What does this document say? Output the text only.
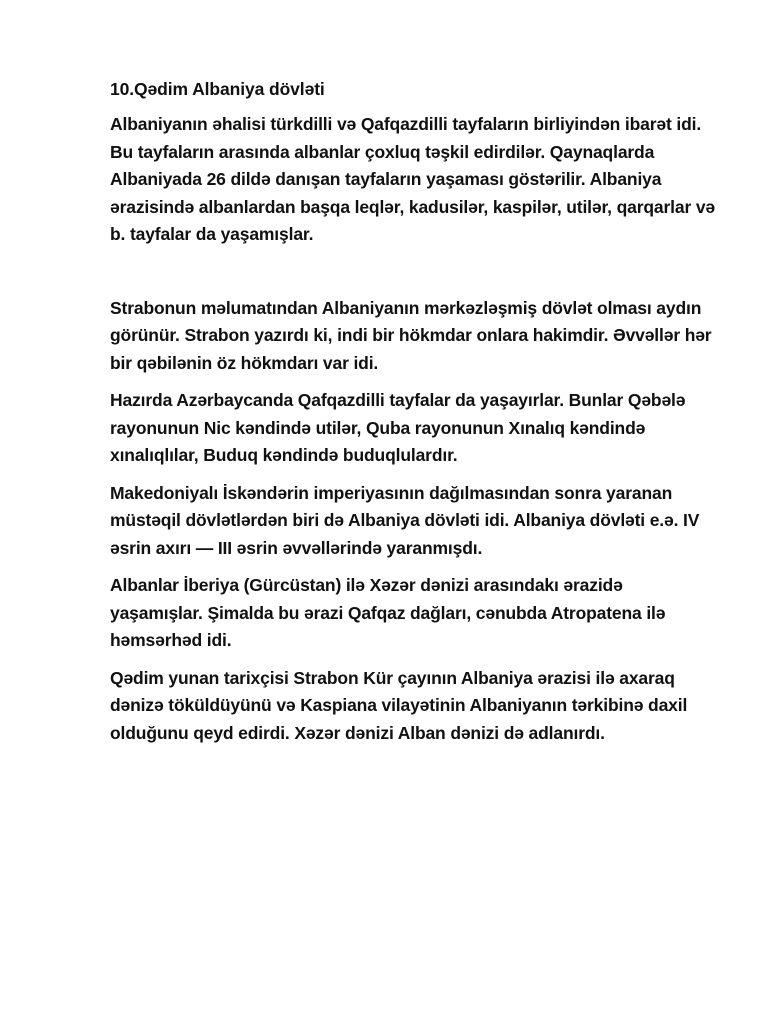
10.Qədim Albaniya dövləti

Albaniyanın əhalisi türkdilli və Qafqazdilli tayfaların birliyindən ibarət idi. Bu tayfaların arasında albanlar çoxluq təşkil edirdilər. Qaynaqlarda Albaniyada 26 dildə danışan tayfaların yaşaması göstərilir. Albaniya ərazisində albanlardan başqa leqlər, kadusilər, kaspilər, utilər, qarqarlar və b. tayfalar da yaşamışlar.

Strabonun məlumatından Albaniyanın mərkəzləşmiş dövlət olması aydın görünür. Strabon yazırdı ki, indi bir hökmdar onlara hakimdir. Əvvəllər hər bir qəbilənin öz hökmdarı var idi.

Hazırda Azərbaycanda Qafqazdilli tayfalar da yaşayırlar. Bunlar Qəbələ rayonunun Nic kəndində utilər, Quba rayonunun Xınalıq kəndində xınalıqlılar, Buduq kəndində buduqlulardır.

Makedoniyalı İskəndərin imperiyasının dağılmasından sonra yaranan müstəqil dövlətlərdən biri də Albaniya dövləti idi. Albaniya dövləti e.ə. IV əsrin axırı — III əsrin əvvəllərində yaranmışdı.

Albanlar İberiya (Gürcüstan) ilə Xəzər dənizi arasındakı ərazidə yaşamışlar. Şimalda bu ərazi Qafqaz dağları, cənubda Atropatena ilə həmsərhəd idi.

Qədim yunan tarixçisi Strabon Kür çayının Albaniya ərazisi ilə axaraq dənizə töküldüyünü və Kaspiana vilayətinin Albaniyanın tərkibinə daxil olduğunu qeyd edirdi. Xəzər dənizi Alban dənizi də adlanırdı.
